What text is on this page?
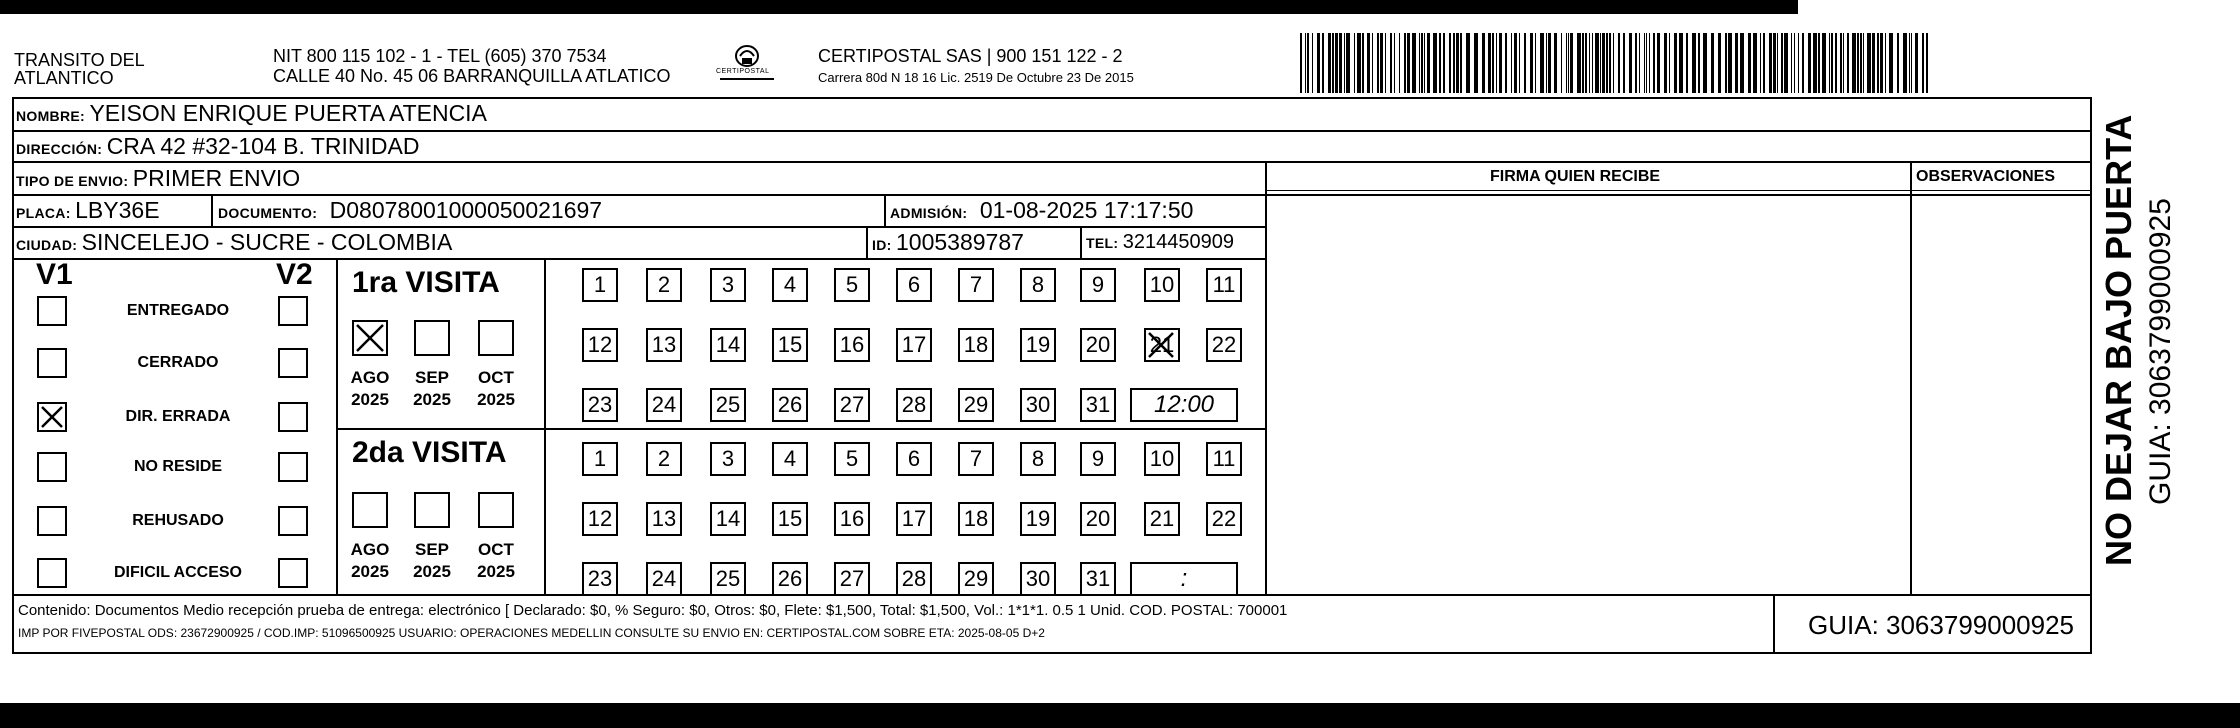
TRANSITO DEL
ATLANTICO
NIT 800 115 102 - 1 - TEL (605) 370 7534
CALLE 40 No. 45 06 BARRANQUILLA ATLATICO	CERTIPOSTAL
CERTIPOSTAL SAS | 900 151 122 - 2
Carrera 80d N 18 16 Lic. 2519 De Octubre 23 De 2015
NOMBRE: YEISON ENRIQUE PUERTA ATENCIA
DIRECCIÓN: CRA 42 #32-104 B. TRINIDAD
TIPO DE ENVIO: PRIMER ENVIO	FIRMA QUIEN RECIBE	OBSERVACIONES
PLACA: LBY36E	DOCUMENTO: D08078001000050021697	ADMISIÓN: 01-08-2025 17:17:50
CIUDAD: SINCELEJO - SUCRE - COLOMBIA	ID: 1005389787	TEL: 3214450909
V1	V2
ENTREGADO
CERRADO
DIR. ERRADA
NO RESIDE
REHUSADO
DIFICIL ACCESO
1ra VISITA
AGO
2025
SEP
2025
OCT
2025
1	2	3	4	5	6	7	8	9	10 11
12 13 14 15 16 17 18 19 20 21 22
23 24 25 26 27 28 29 30 31	12:00
2da VISITA
AGO
2025
SEP
2025
OCT
2025
1	2	3	4	5	6	7	8	9	10 11
12 13 14 15 16 17 18 19 20 21 22
23 24 25 26 27 28 29 30 31	:
Contenido: Documentos Medio recepción prueba de entrega: electrónico [ Declarado: $0, % Seguro: $0, Otros: $0, Flete: $1,500, Total: $1,500, Vol.: 1*1*1. 0.5 1 Unid. COD. POSTAL: 700001
IMP POR FIVEPOSTAL ODS: 23672900925 / COD.IMP: 51096500925 USUARIO: OPERACIONES MEDELLIN CONSULTE SU ENVIO EN: CERTIPOSTAL.COM SOBRE ETA: 2025-08-05 D+2	GUIA: 3063799000925
NO DEJAR BAJO PUERTA GUIA: 3063799000925
